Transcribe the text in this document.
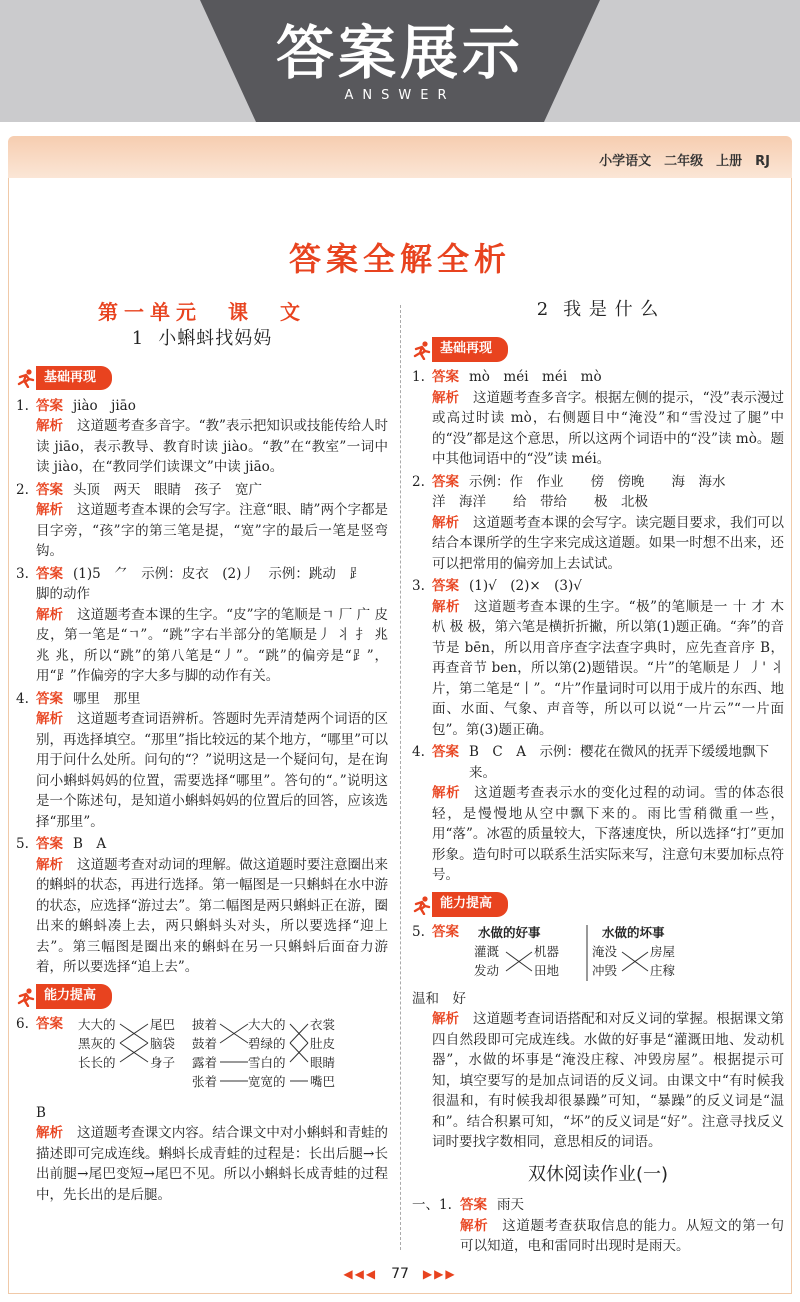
答案展示
ANSWER
小学语文　二年级　上册　RJ
答案全解全析
第一单元　课　文
1 小蝌蚪找妈妈
基础再现
1. 答案 jiào　jiāo
解析 这道题考查多音字。“教”表示把知识或技能传给人时读 jiāo，表示教导、教育时读 jiào。“教”在“教室”一词中读 jiào，在“教同学们读课文”中读 jiāo。
2. 答案 头顶　两天　眼睛　孩子　宽广
解析 这道题考查本课的会写字。注意“眼、睛”两个字都是目字旁，“孩”字的第三笔是提，“宽”字的最后一笔是竖弯钩。
3. 答案 (1)5　⺈　示例：皮衣　(2)丿　示例：跳动　⻊
脚的动作
解析 这道题考查本课的生字。“皮”字的笔顺是ㄱ 厂 广 皮 皮，第一笔是“ㄱ”。“跳”字右半部分的笔顺是丿 丬 扌 兆 兆 兆，所以“跳”的第八笔是“丿”。“跳”的偏旁是“⻊”，用“⻊”作偏旁的字大多与脚的动作有关。
4. 答案 哪里　那里
解析 这道题考查词语辨析。答题时先弄清楚两个词语的区别，再选择填空。“那里”指比较远的某个地方，“哪里”可以用于问什么处所。问句的“？”说明这是一个疑问句，是在询问小蝌蚪妈妈的位置，需要选择“哪里”。答句的“。”说明这是一个陈述句，是知道小蝌蚪妈妈的位置后的回答，应该选择“那里”。
5. 答案 B　A
解析 这道题考查对动词的理解。做这道题时要注意圈出来的蝌蚪的状态，再进行选择。第一幅图是一只蝌蚪在水中游的状态，应选择“游过去”。第二幅图是两只蝌蚪正在游，圈出来的蝌蚪凑上去，两只蝌蚪头对头，所以要选择“迎上去”。第三幅图是圈出来的蝌蚪在另一只蝌蚪后面奋力游着，所以要选择“追上去”。
能力提高
6. 答案 大大的
黑灰的
长长的
尾巴
脑袋
身子
披着
鼓着
露着
张着
大大的
碧绿的
雪白的
宽宽的
衣裳
肚皮
眼睛
嘴巴
B
解析 这道题考查课文内容。结合课文中对小蝌蚪和青蛙的描述即可完成连线。蝌蚪长成青蛙的过程是：长出后腿→长出前腿→尾巴变短→尾巴不见。所以小蝌蚪长成青蛙的过程中，先长出的是后腿。
2 我 是 什 么
基础再现
1. 答案 mò　méi　méi　mò
解析 这道题考查多音字。根据左侧的提示，“没”表示漫过或高过时读 mò，右侧题目中“淹没”和“雪没过了腿”中的“没”都是这个意思，所以这两个词语中的“没”读 mò。题中其他词语中的“没”读 méi。
2. 答案 示例：作　作业　　傍　傍晚　　海　海水
洋　海洋　　给　带给　　极　北极
解析 这道题考查本课的会写字。读完题目要求，我们可以结合本课所学的生字来完成这道题。如果一时想不出来，还可以把常用的偏旁加上去试试。
3. 答案 (1)√　(2)×　(3)√
解析 这道题考查本课的生字。“极”的笔顺是一 十 才 木 朳 极 极，第六笔是横折折撇，所以第(1)题正确。“奔”的音节是 bēn，所以用音序查字法查字典时，应先查音序 B，再查音节 ben，所以第(2)题错误。“片”的笔顺是丿 丿' 丬 片，第二笔是“丨”。“片”作量词时可以用于成片的东西、地面、水面、气象、声音等，所以可以说“一片云”“一片面包”。第(3)题正确。
4. 答案 B　C　A　示例：樱花在微风的抚弄下缓缓地飘下来。
解析 这道题考查表示水的变化过程的动词。雪的体态很轻，是慢慢地从空中飘下来的。雨比雪稍微重一些，用“落”。冰雹的质量较大，下落速度快，所以选择“打”更加形象。造句时可以联系生活实际来写，注意句末要加标点符号。
能力提高
5. 答案 水做的好事	水做的坏事
灌溉
发动
机器
田地
淹没
冲毁
房屋
庄稼
温和　好
解析 这道题考查词语搭配和对反义词的掌握。根据课文第四自然段即可完成连线。水做的好事是“灌溉田地、发动机器”，水做的坏事是“淹没庄稼、冲毁房屋”。根据提示可知，填空要写的是加点词语的反义词。由课文中“有时候我很温和，有时候我却很暴躁”可知，“暴躁”的反义词是“温和”。结合积累可知，“坏”的反义词是“好”。注意寻找反义词时要找字数相同，意思相反的词语。
双休阅读作业(一)
一、1. 答案 雨天
解析 这道题考查获取信息的能力。从短文的第一句可以知道，电和雷同时出现时是雨天。
◀◀◀ 77 ▶▶▶
